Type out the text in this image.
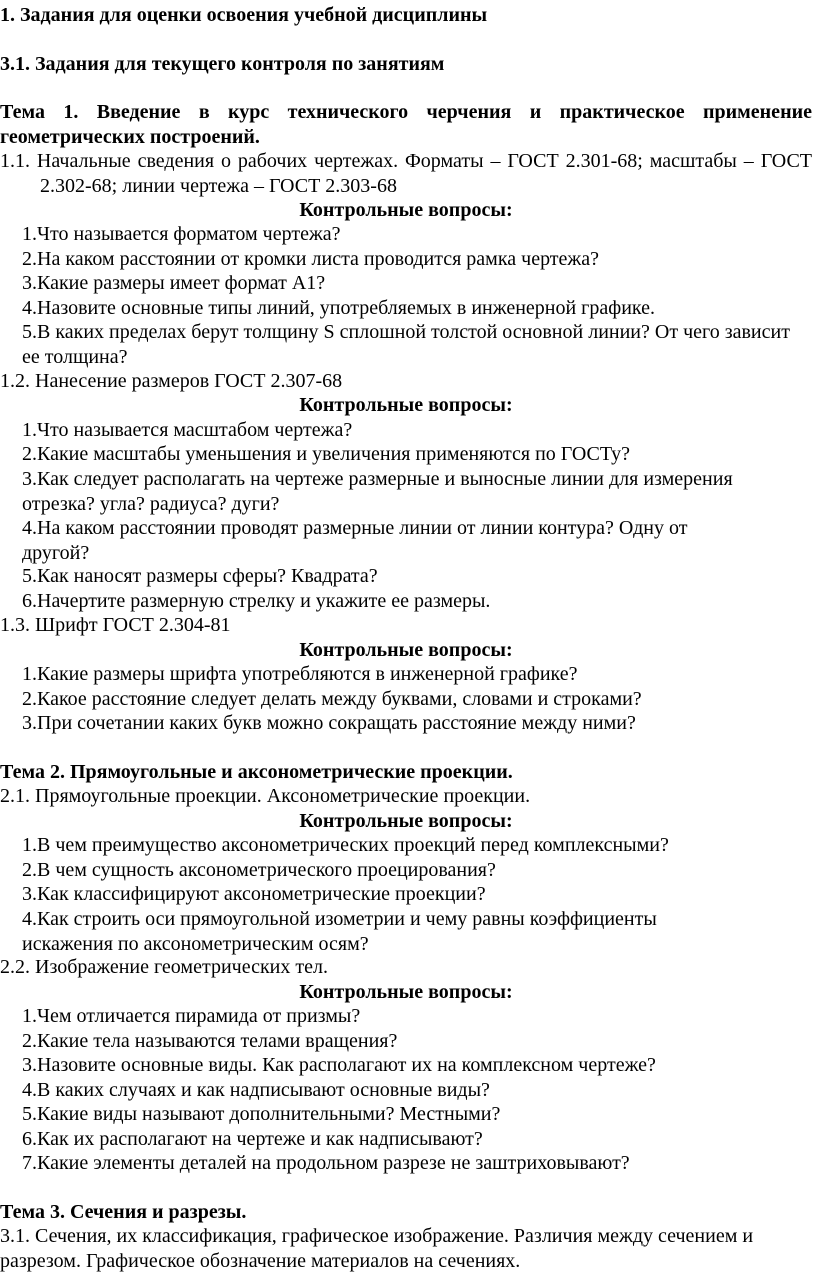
1. Задания для оценки освоения учебной дисциплины

3.1. Задания для текущего контроля по занятиям

Тема 1. Введение в курс технического черчения и практическое применение геометрических построений.

1.1. Начальные сведения о рабочих чертежах. Форматы – ГОСТ 2.301-68; масштабы – ГОСТ 2.302-68; линии чертежа – ГОСТ 2.303-68

Контрольные вопросы:

1.Что называется форматом чертежа?

2.На каком расстоянии от кромки листа проводится рамка чертежа?

3.Какие размеры имеет формат А1?

4.Назовите основные типы линий, употребляемых в инженерной графике.

5.В каких пределах берут толщину S сплошной толстой основной линии? От чего зависит ее толщина?

1.2. Нанесение размеров ГОСТ 2.307-68

Контрольные вопросы:

1.Что называется масштабом чертежа?

2.Какие масштабы уменьшения и увеличения применяются по ГОСТу?

3.Как следует располагать на чертеже размерные и выносные линии для измерения отрезка? угла? радиуса? дуги?

4.На каком расстоянии проводят размерные линии от линии контура? Одну от другой?

5.Как наносят размеры сферы? Квадрата?

6.Начертите размерную стрелку и укажите ее размеры.

1.3. Шрифт ГОСТ 2.304-81

Контрольные вопросы:

1.Какие размеры шрифта употребляются в инженерной графике?

2.Какое расстояние следует делать между буквами, словами и строками?

3.При сочетании каких букв можно сокращать расстояние между ними?

Тема 2. Прямоугольные и аксонометрические проекции.

2.1. Прямоугольные проекции. Аксонометрические проекции.

Контрольные вопросы:

1.В чем преимущество аксонометрических проекций перед комплексными?

2.В чем сущность аксонометрического проецирования?

3.Как классифицируют аксонометрические проекции?

4.Как строить оси прямоугольной изометрии и чему равны коэффициенты искажения по аксонометрическим осям?

2.2. Изображение геометрических тел.

Контрольные вопросы:

1.Чем отличается пирамида от призмы?

2.Какие тела называются телами вращения?

3.Назовите основные виды. Как располагают их на комплексном чертеже?

4.В каких случаях и как надписывают основные виды?

5.Какие виды называют дополнительными? Местными?

6.Как их располагают на чертеже и как надписывают?

7.Какие элементы деталей на продольном разрезе не заштриховывают?

Тема 3. Сечения и разрезы.

3.1. Сечения, их классификация, графическое изображение. Различия между сечением и разрезом. Графическое обозначение материалов на сечениях.
